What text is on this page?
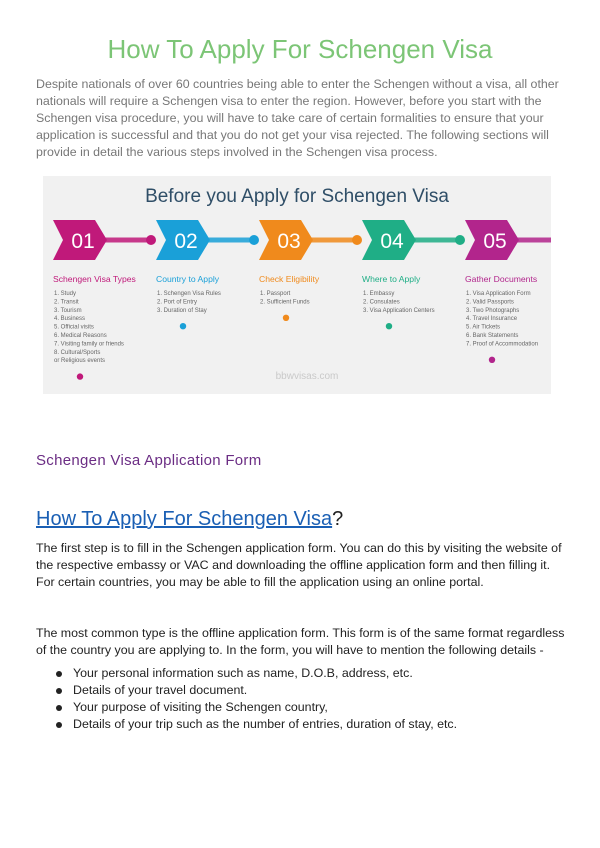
How To Apply For Schengen Visa

Despite nationals of over 60 countries being able to enter the Schengen without a visa, all other nationals will require a Schengen visa to enter the region. However, before you start with the Schengen visa procedure, you will have to take care of certain formalities to ensure that your application is successful and that you do not get your visa rejected. The following sections will provide in detail the various steps involved in the Schengen visa process.

Before you Apply for Schengen Visa
bbwvisas.com
01
Schengen Visa Types
1. Study
2. Transit
3. Tourism
4. Business
5. Official visits
6. Medical Reasons
7. Visiting family or friends
8. Cultural/Sports
or Religious events
02
Country to Apply
1. Schengen Visa Rules
2. Port of Entry
3. Duration of Stay
03
Check Eligibility
1. Passport
2. Sufficient Funds
04
Where to Apply
1. Embassy
2. Consulates
3. Visa Application Centers
05
Gather Documents
1. Visa Application Form
2. Valid Passports
3. Two Photographs
4. Travel Insurance
5. Air Tickets
6. Bank Statements
7. Proof of Accommodation
Schengen Visa Application Form
How To Apply For Schengen Visa?

The first step is to fill in the Schengen application form. You can do this by visiting the website of the respective embassy or VAC and downloading the offline application form and then filling it. For certain countries, you may be able to fill the application using an online portal.

The most common type is the offline application form. This form is of the same format regardless of the country you are applying to. In the form, you will have to mention the following details -

Your personal information such as name, D.O.B, address, etc.
Details of your travel document.
Your purpose of visiting the Schengen country,
Details of your trip such as the number of entries, duration of stay, etc.
